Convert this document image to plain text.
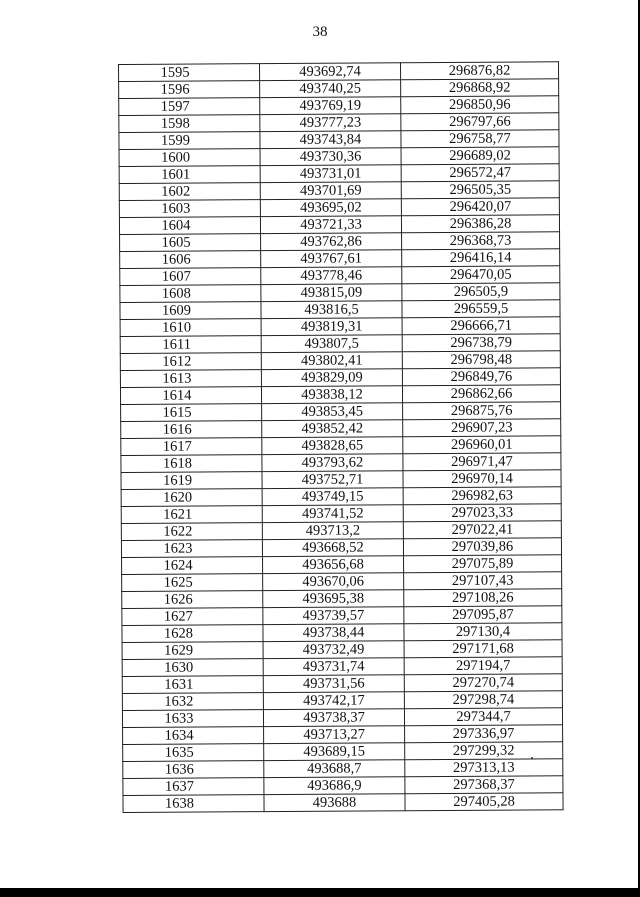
38
1595	493692,74	296876,82
1596	493740,25	296868,92
1597	493769,19	296850,96
1598	493777,23	296797,66
1599	493743,84	296758,77
1600	493730,36	296689,02
1601	493731,01	296572,47
1602	493701,69	296505,35
1603	493695,02	296420,07
1604	493721,33	296386,28
1605	493762,86	296368,73
1606	493767,61	296416,14
1607	493778,46	296470,05
1608	493815,09	296505,9
1609	493816,5	296559,5
1610	493819,31	296666,71
1611	493807,5	296738,79
1612	493802,41	296798,48
1613	493829,09	296849,76
1614	493838,12	296862,66
1615	493853,45	296875,76
1616	493852,42	296907,23
1617	493828,65	296960,01
1618	493793,62	296971,47
1619	493752,71	296970,14
1620	493749,15	296982,63
1621	493741,52	297023,33
1622	493713,2	297022,41
1623	493668,52	297039,86
1624	493656,68	297075,89
1625	493670,06	297107,43
1626	493695,38	297108,26
1627	493739,57	297095,87
1628	493738,44	297130,4
1629	493732,49	297171,68
1630	493731,74	297194,7
1631	493731,56	297270,74
1632	493742,17	297298,74
1633	493738,37	297344,7
1634	493713,27	297336,97
1635	493689,15	297299,32
1636	493688,7	297313,13
1637	493686,9	297368,37
1638	493688	297405,28
